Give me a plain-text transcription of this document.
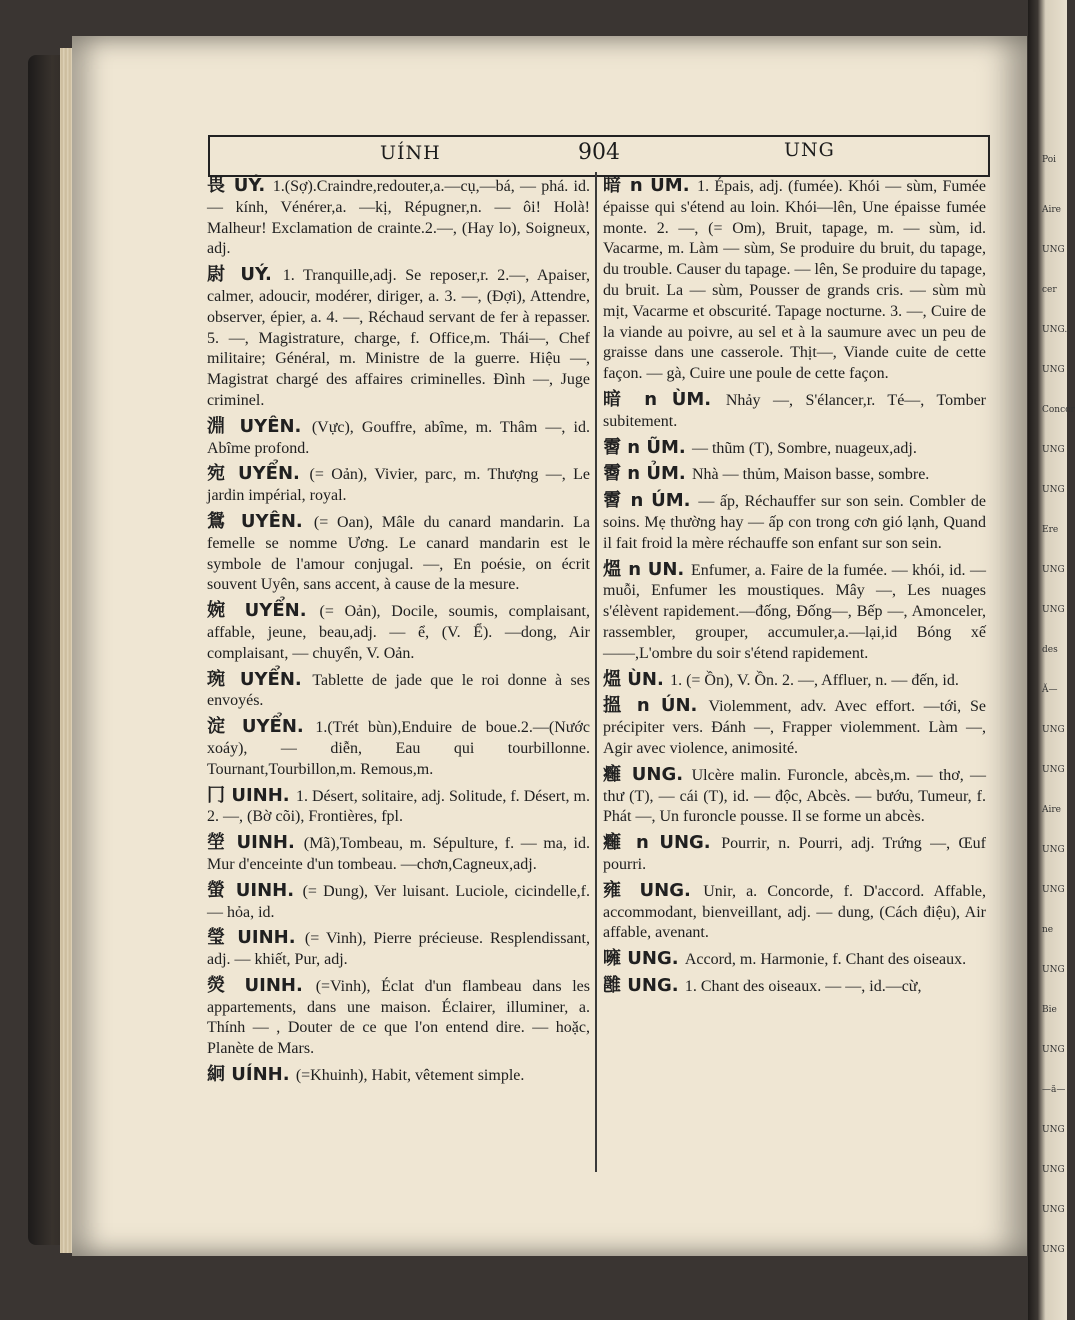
Poi
Aire
UNG
cer
UNG.
UNG
Concor
UNG
UNG
Ere
UNG
UNG
des
Ă—
UNG
UNG
Aire
UNG
UNG
ne
UNG
Bie
UNG
—ă—
UNG
UNG
UNG
UNG
UÍNH	904	UNG

畏 UÝ. 1.(Sợ).Craindre,redouter,a.—cụ,—bá, — phá. id. — kính, Vénérer,a. —kị, Répugner,n. — ôi! Holà! Malheur! Exclamation de crainte.2.—, (Hay lo), Soigneux, adj.

尉 UÝ. 1. Tranquille,adj. Se reposer,r. 2.—, Apaiser, calmer, adoucir, modérer, diriger, a. 3. —, (Đợi), Attendre, observer, épier, a. 4. —, Réchaud servant de fer à repasser. 5. —, Magistrature, charge, f. Office,m. Thái—, Chef militaire; Général, m. Ministre de la guerre. Hiệu —, Magistrat chargé des affaires criminelles. Đình —, Juge criminel.

淵 UYÊN. (Vực), Gouffre, abîme, m. Thâm —, id. Abîme profond.

宛 UYỂN. (= Oản), Vivier, parc, m. Thượng —, Le jardin impérial, royal.

鴛 UYÊN. (= Oan), Mâle du canard mandarin. La femelle se nomme Ương. Le canard mandarin est le symbole de l'amour conjugal. —, En poésie, on écrit souvent Uyên, sans accent, à cause de la mesure.

婉 UYỂN. (= Oản), Docile, soumis, complaisant, affable, jeune, beau,adj. — ể, (V. Ể). —dong, Air complaisant, — chuyển, V. Oản.

琬 UYỂN. Tablette de jade que le roi donne à ses envoyés.

淀 UYỂN. 1.(Trét bùn),Enduire de boue.2.—(Nước xoáy), — diễn, Eau qui tourbillonne. Tournant,Tourbillon,m. Remous,m.

冂 UINH. 1. Désert, solitaire, adj. Solitude, f. Désert, m. 2. —, (Bờ cõi), Frontières, fpl.

塋 UINH. (Mã),Tombeau, m. Sépulture, f. — ma, id. Mur d'enceinte d'un tombeau. —chơn,Cagneux,adj.

螢 UINH. (= Dung), Ver luisant. Luciole, cicindelle,f. — hỏa, id.

瑩 UINH. (= Vinh), Pierre précieuse. Resplendissant, adj. — khiết, Pur, adj.

熒 UINH. (=Vinh), Éclat d'un flambeau dans les appartements, dans une maison. Éclairer, illuminer, a. Thính — , Douter de ce que l'on entend dire. — hoặc, Planète de Mars.

絅 UÍNH. (=Khuinh), Habit, vêtement simple.

暗 n UM. 1. Épais, adj. (fumée). Khói — sùm, Fumée épaisse qui s'étend au loin. Khói—lên, Une épaisse fumée monte. 2. —, (= Om), Bruit, tapage, m. — sùm, id. Vacarme, m. Làm — sùm, Se produire du bruit, du tapage, du trouble. Causer du tapage. — lên, Se produire du tapage, du bruit. La — sùm, Pousser de grands cris. — sùm mù mịt, Vacarme et obscurité. Tapage nocturne. 3. —, Cuire de la viande au poivre, au sel et à la saumure avec un peu de graisse dans une casserole. Thịt—, Viande cuite de cette façon. — gà, Cuire une poule de cette façon.

暗 n ÙM. Nhảy —, S'élancer,r. Té—, Tomber subitement.

霫 n ŨM. — thũm (T), Sombre, nuageux,adj.

霫 n ỦM. Nhà — thủm, Maison basse, sombre.

霫 n ÚM. — ấp, Réchauffer sur son sein. Combler de soins. Mẹ thường hay — ấp con trong cơn gió lạnh, Quand il fait froid la mère réchauffe son enfant sur son sein.

熅 n UN. Enfumer, a. Faire de la fumée. — khói, id. — muỗi, Enfumer les moustiques. Mây —, Les nuages s'élèvent rapidement.—đống, Đống—, Bếp —, Amonceler, rassembler, grouper, accumuler,a.—lại,id Bóng xế——,L'ombre du soir s'étend rapidement.

熅 ÙN. 1. (= Ồn), V. Ồn. 2. —, Affluer, n. — đến, id.

搵 n ÚN. Violemment, adv. Avec effort. —tới, Se précipiter vers. Đánh —, Frapper violemment. Làm —, Agir avec violence, animosité.

癰 UNG. Ulcère malin. Furoncle, abcès,m. — thơ, — thư (T), — cái (T), id. — độc, Abcès. — bướu, Tumeur, f. Phát —, Un furoncle pousse. Il se forme un abcès.

癰 n UNG. Pourrir, n. Pourri, adj. Trứng —, Œuf pourri.

雍 UNG. Unir, a. Concorde, f. D'accord. Affable, accommodant, bienveillant, adj. — dung, (Cách điệu), Air affable, avenant.

噰 UNG. Accord, m. Harmonie, f. Chant des oiseaux.

雝 UNG. 1. Chant des oiseaux. — —, id.—cừ,
